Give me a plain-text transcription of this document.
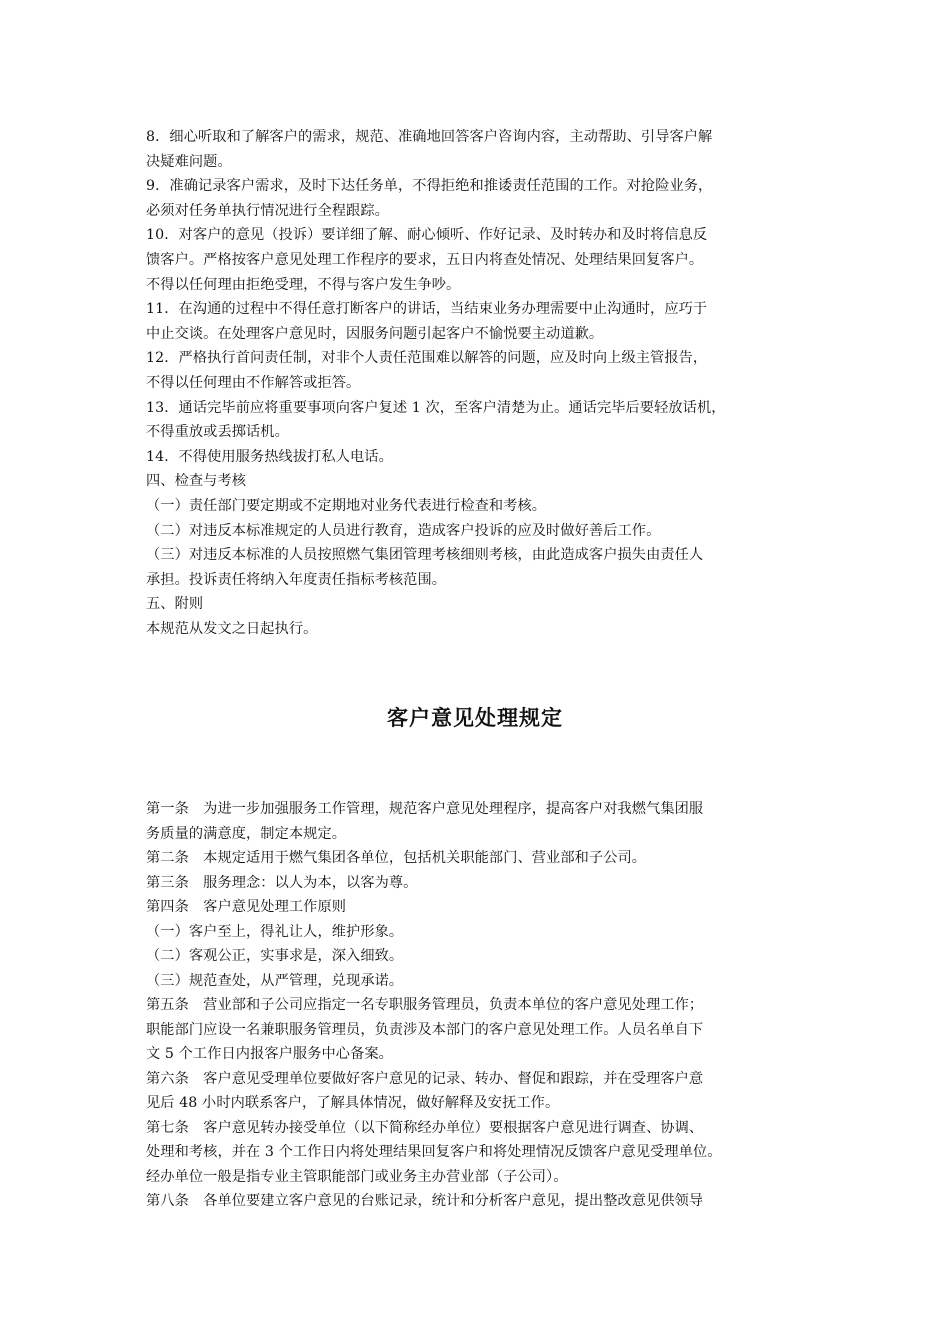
8．细心听取和了解客户的需求，规范、准确地回答客户咨询内容，主动帮助、引导客户解
决疑难问题。
9．准确记录客户需求，及时下达任务单，不得拒绝和推诿责任范围的工作。对抢险业务，
必须对任务单执行情况进行全程跟踪。
10．对客户的意见（投诉）要详细了解、耐心倾听、作好记录、及时转办和及时将信息反
馈客户。严格按客户意见处理工作程序的要求，五日内将查处情况、处理结果回复客户。
不得以任何理由拒绝受理，不得与客户发生争吵。
11．在沟通的过程中不得任意打断客户的讲话，当结束业务办理需要中止沟通时，应巧于
中止交谈。在处理客户意见时，因服务问题引起客户不愉悦要主动道歉。
12．严格执行首问责任制，对非个人责任范围难以解答的问题，应及时向上级主管报告，
不得以任何理由不作解答或拒答。
13．通话完毕前应将重要事项向客户复述 1 次，至客户清楚为止。通话完毕后要轻放话机，
不得重放或丢掷话机。
14．不得使用服务热线拔打私人电话。
四、检查与考核
（一）责任部门要定期或不定期地对业务代表进行检查和考核。
（二）对违反本标准规定的人员进行教育，造成客户投诉的应及时做好善后工作。
（三）对违反本标准的人员按照燃气集团管理考核细则考核，由此造成客户损失由责任人
承担。投诉责任将纳入年度责任指标考核范围。
五、附则
本规范从发文之日起执行。
客户意见处理规定
第一条　为进一步加强服务工作管理，规范客户意见处理程序，提高客户对我燃气集团服
务质量的满意度，制定本规定。
第二条　本规定适用于燃气集团各单位，包括机关职能部门、营业部和子公司。
第三条　服务理念：以人为本，以客为尊。
第四条　客户意见处理工作原则
（一）客户至上，得礼让人，维护形象。
（二）客观公正，实事求是，深入细致。
（三）规范查处，从严管理，兑现承诺。
第五条　营业部和子公司应指定一名专职服务管理员，负责本单位的客户意见处理工作；
职能部门应设一名兼职服务管理员，负责涉及本部门的客户意见处理工作。人员名单自下
文 5 个工作日内报客户服务中心备案。
第六条　客户意见受理单位要做好客户意见的记录、转办、督促和跟踪，并在受理客户意
见后 48 小时内联系客户，了解具体情况，做好解释及安抚工作。
第七条　客户意见转办接受单位（以下简称经办单位）要根据客户意见进行调查、协调、
处理和考核，并在 3 个工作日内将处理结果回复客户和将处理情况反馈客户意见受理单位。
经办单位一般是指专业主管职能部门或业务主办营业部（子公司）。
第八条　各单位要建立客户意见的台账记录，统计和分析客户意见，提出整改意见供领导
